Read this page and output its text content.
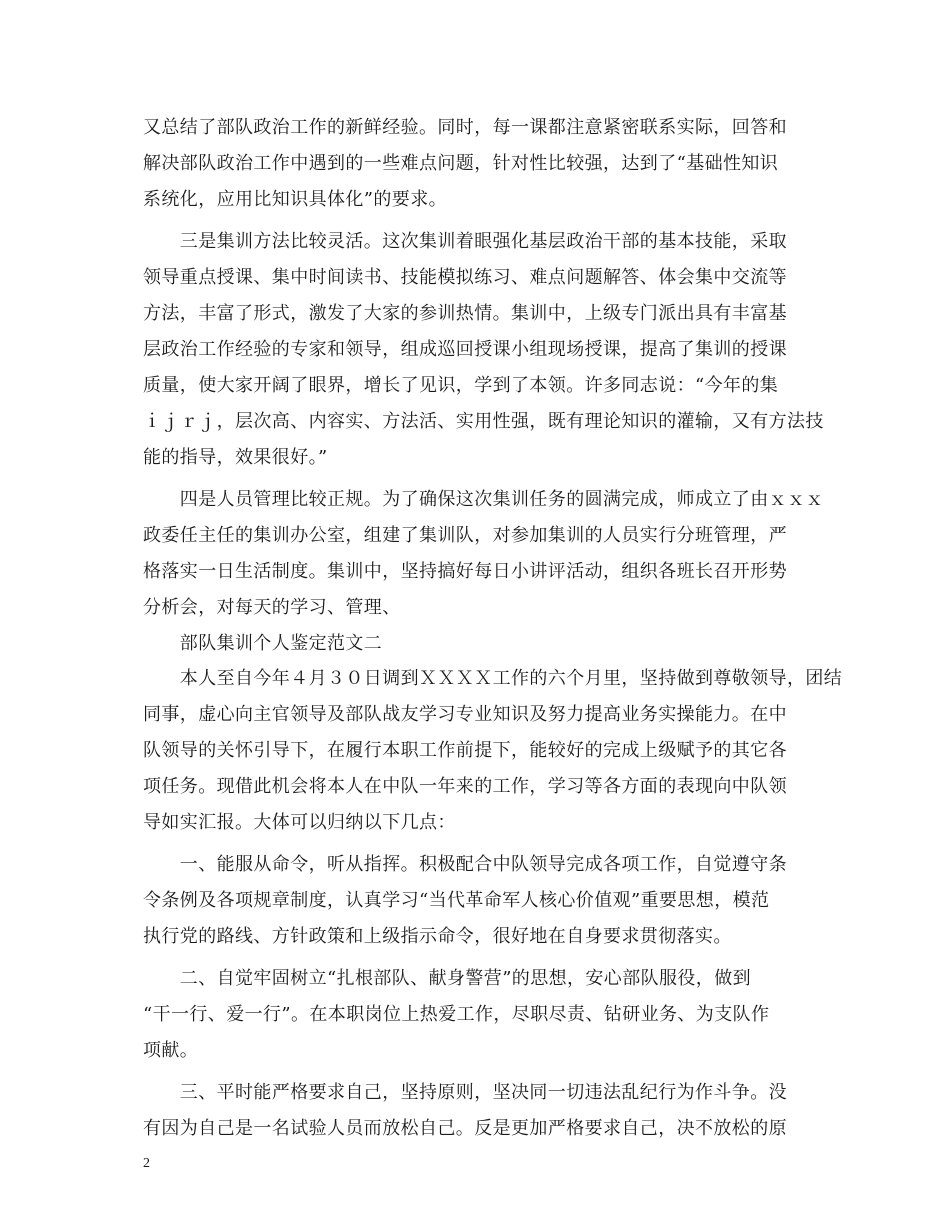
又总结了部队政治工作的新鲜经验。同时，每一课都注意紧密联系实际，回答和
解决部队政治工作中遇到的一些难点问题，针对性比较强，达到了“基础性知识
系统化，应用比知识具体化”的要求。
　　三是集训方法比较灵活。这次集训着眼强化基层政治干部的基本技能，采取
领导重点授课、集中时间读书、技能模拟练习、难点问题解答、体会集中交流等
方法，丰富了形式，激发了大家的参训热情。集训中，上级专门派出具有丰富基
层政治工作经验的专家和领导，组成巡回授课小组现场授课，提高了集训的授课
质量，使大家开阔了眼界，增长了见识，学到了本领。许多同志说：“今年的集
ｉｊｒｊ，层次高、内容实、方法活、实用性强，既有理论知识的灌输，又有方法技
能的指导，效果很好。”
　　四是人员管理比较正规。为了确保这次集训任务的圆满完成，师成立了由ｘｘｘ
政委任主任的集训办公室，组建了集训队，对参加集训的人员实行分班管理，严
格落实一日生活制度。集训中，坚持搞好每日小讲评活动，组织各班长召开形势
分析会，对每天的学习、管理、
　　部队集训个人鉴定范文二
　　本人至自今年４月３０日调到ＸＸＸＸ工作的六个月里，坚持做到尊敬领导，团结
同事，虚心向主官领导及部队战友学习专业知识及努力提高业务实操能力。在中
队领导的关怀引导下，在履行本职工作前提下，能较好的完成上级赋予的其它各
项任务。现借此机会将本人在中队一年来的工作，学习等各方面的表现向中队领
导如实汇报。大体可以归纳以下几点：
　　一、能服从命令，听从指挥。积极配合中队领导完成各项工作，自觉遵守条
令条例及各项规章制度，认真学习“当代革命军人核心价值观”重要思想，模范
执行党的路线、方针政策和上级指示命令，很好地在自身要求贯彻落实。
　　二、自觉牢固树立“扎根部队、献身警营”的思想，安心部队服役，做到
“干一行、爱一行”。在本职岗位上热爱工作，尽职尽责、钻研业务、为支队作
项献。
　　三、平时能严格要求自己，坚持原则，坚决同一切违法乱纪行为作斗争。没
有因为自己是一名试验人员而放松自己。反是更加严格要求自己，决不放松的原
2
